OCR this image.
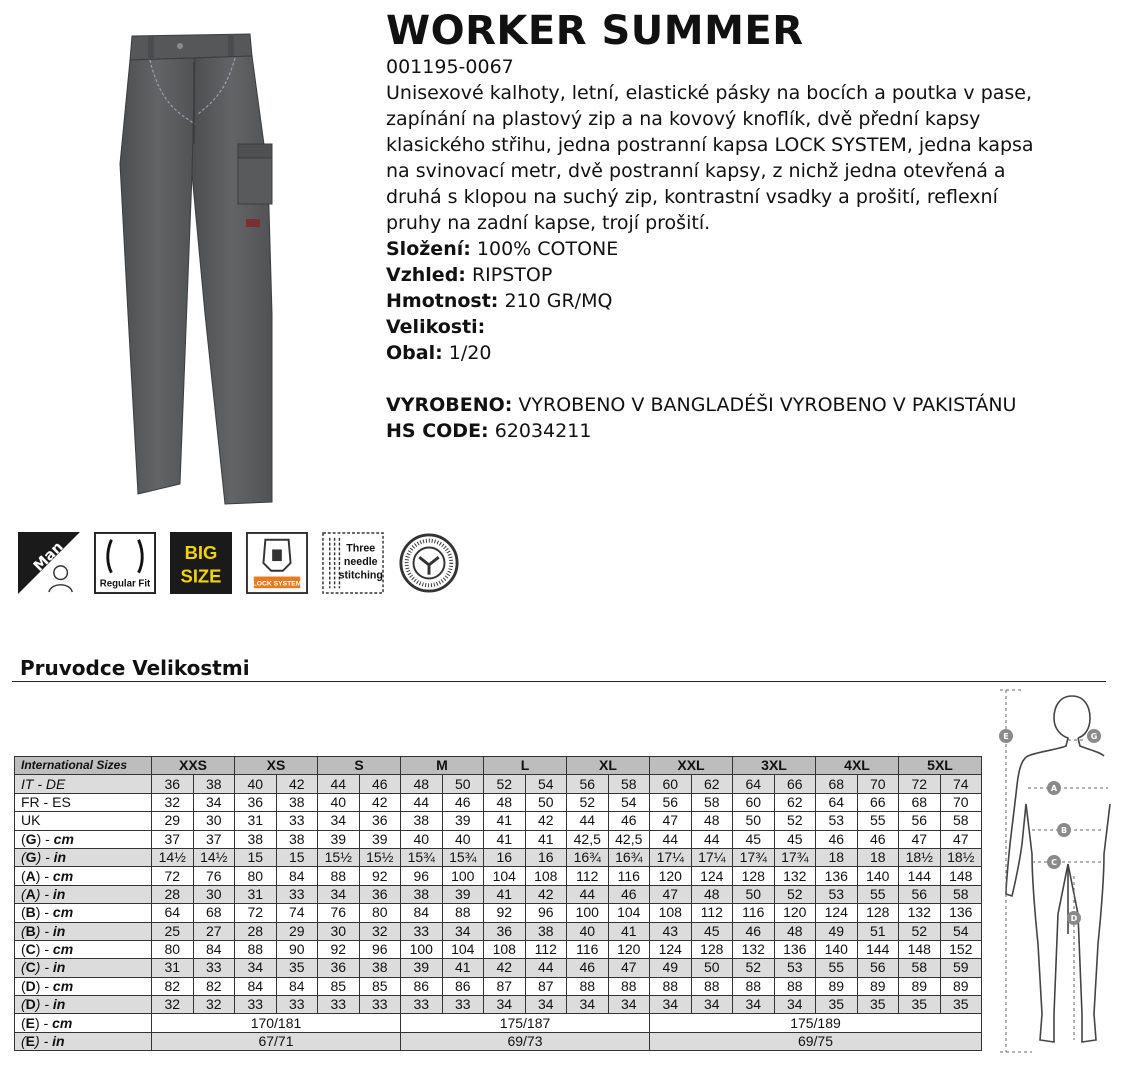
WORKER SUMMER
001195-0067
Unisexové kalhoty, letní, elastické pásky na bocích a poutka v pase,
zapínání na plastový zip a na kovový knoflík, dvě přední kapsy
klasického střihu, jedna postranní kapsa LOCK SYSTEM, jedna kapsa
na svinovací metr, dvě postranní kapsy, z nichž jedna otevřená a
druhá s klopou na suchý zip, kontrastní vsadky a prošití, reflexní
pruhy na zadní kapse, trojí prošití.
Složení: 100% COTONE
Vzhled: RIPSTOP
Hmotnost: 210 GR/MQ
Velikosti:
Obal: 1/20
VYROBENO: VYROBENO V BANGLADÉŠI VYROBENO V PAKISTÁNU
HS CODE: 62034211
Man
Regular Fit
BIG
SIZE	LOCK SYSTEM
Three
needle
stitching
Pruvodce Velikostmi
International Sizes	XXS		XS		S		M		L		XL		XXL		3XL		4XL		5XL	
IT - DE	36	38	40	42	44	46	48	50	52	54	56	58	60	62	64	66	68	70	72	74
FR - ES	32	34	36	38	40	42	44	46	48	50	52	54	56	58	60	62	64	66	68	70
UK	29	30	31	33	34	36	38	39	41	42	44	46	47	48	50	52	53	55	56	58
(G) - cm	37	37	38	38	39	39	40	40	41	41	42,5	42,5	44	44	45	45	46	46	47	47
(G) - in	14½	14½	15	15	15½	15½	15¾	15¾	16	16	16¾	16¾	17¼	17¼	17¾	17¾	18	18	18½	18½
(A) - cm	72	76	80	84	88	92	96	100	104	108	112	116	120	124	128	132	136	140	144	148
(A) - in	28	30	31	33	34	36	38	39	41	42	44	46	47	48	50	52	53	55	56	58
(B) - cm	64	68	72	74	76	80	84	88	92	96	100	104	108	112	116	120	124	128	132	136
(B) - in	25	27	28	29	30	32	33	34	36	38	40	41	43	45	46	48	49	51	52	54
(C) - cm	80	84	88	90	92	96	100	104	108	112	116	120	124	128	132	136	140	144	148	152
(C) - in	31	33	34	35	36	38	39	41	42	44	46	47	49	50	52	53	55	56	58	59
(D) - cm	82	82	84	84	85	85	86	86	87	87	88	88	88	88	88	88	89	89	89	89
(D) - in	32	32	33	33	33	33	33	33	34	34	34	34	34	34	34	34	35	35	35	35
(E) - cm	170/181						175/187						175/189							
(E) - in	67/71						69/73						69/75							
E	G
A
B
C
D
